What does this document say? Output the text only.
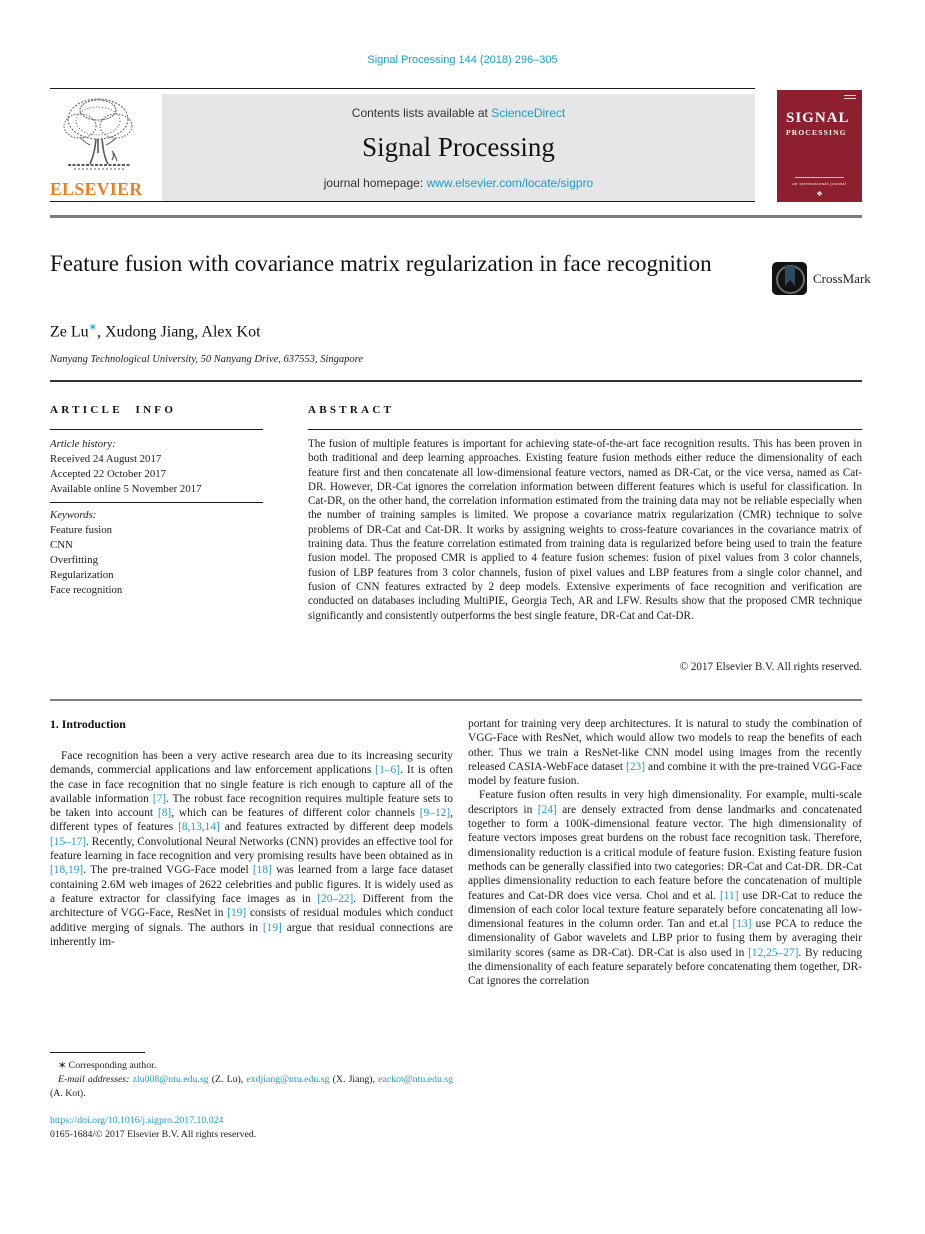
Signal Processing 144 (2018) 296–305
ELSEVIER
Contents lists available at ScienceDirect
Signal Processing
journal homepage: www.elsevier.com/locate/sigpro
SIGNAL
PROCESSING
an international journal
❖
Feature fusion with covariance matrix regularization in face recognition
CrossMark
Ze Lu∗, Xudong Jiang, Alex Kot
Nanyang Technological University, 50 Nanyang Drive, 637553, Singapore
ARTICLE INFO	ABSTRACT
Article history:
Received 24 August 2017
Accepted 22 October 2017
Available online 5 November 2017
Keywords:
Feature fusion
CNN
Overfitting
Regularization
Face recognition
The fusion of multiple features is important for achieving state-of-the-art face recognition results. This has been proven in both traditional and deep learning approaches. Existing feature fusion methods either reduce the dimensionality of each feature first and then concatenate all low-dimensional feature vectors, named as DR-Cat, or the vice versa, named as Cat-DR. However, DR-Cat ignores the correlation information between different features which is useful for classification. In Cat-DR, on the other hand, the correlation information estimated from the training data may not be reliable especially when the number of training samples is limited. We propose a covariance matrix regularization (CMR) technique to solve problems of DR-Cat and Cat-DR. It works by assigning weights to cross-feature covariances in the covariance matrix of training data. Thus the feature correlation estimated from training data is regularized before being used to train the feature fusion model. The proposed CMR is applied to 4 feature fusion schemes: fusion of pixel values from 3 color channels, fusion of LBP features from 3 color channels, fusion of pixel values and LBP features from a single color channel, and fusion of CNN features extracted by 2 deep models. Extensive experiments of face recognition and verification are conducted on databases including MultiPIE, Georgia Tech, AR and LFW. Results show that the proposed CMR technique significantly and consistently outperforms the best single feature, DR-Cat and Cat-DR.
© 2017 Elsevier B.V. All rights reserved.
1. Introduction

Face recognition has been a very active research area due to its increasing security demands, commercial applications and law enforcement applications [1–6]. It is often the case in face recognition that no single feature is rich enough to capture all of the available information [7]. The robust face recognition requires multiple feature sets to be taken into account [8], which can be features of different color channels [9–12], different types of features [8,13,14] and features extracted by different deep models [15–17]. Recently, Convolutional Neural Networks (CNN) provides an effective tool for feature learning in face recognition and very promising results have been obtained as in [18,19]. The pre-trained VGG-Face model [18] was learned from a large face dataset containing 2.6M web images of 2622 celebrities and public figures. It is widely used as a feature extractor for classifying face images as in [20–22]. Different from the architecture of VGG-Face, ResNet in [19] consists of residual modules which conduct additive merging of signals. The authors in [19] argue that residual connections are inherently im-

portant for training very deep architectures. It is natural to study the combination of VGG-Face with ResNet, which would allow two models to reap the benefits of each other. Thus we train a ResNet-like CNN model using images from the recently released CASIA-WebFace dataset [23] and combine it with the pre-trained VGG-Face model by feature fusion.

Feature fusion often results in very high dimensionality. For example, multi-scale descriptors in [24] are densely extracted from dense landmarks and concatenated together to form a 100K-dimensional feature vector. The high dimensionality of feature vectors imposes great burdens on the robust face recognition task. Therefore, dimensionality reduction is a critical module of feature fusion. Existing feature fusion methods can be generally classified into two categories: DR-Cat and Cat-DR. DR-Cat applies dimensionality reduction to each feature before the concatenation of multiple features and Cat-DR does vice versa. Choi and et al. [11] use DR-Cat to reduce the dimension of each color local texture feature separately before concatenating all low-dimensional features in the column order. Tan and et.al [13] use PCA to reduce the dimensionality of Gabor wavelets and LBP prior to fusing them by averaging their similarity scores (same as DR-Cat). DR-Cat is also used in [12,25–27]. By reducing the dimensionality of each feature separately before concatenating them together, DR-Cat ignores the correlation

∗ Corresponding author.
E-mail addresses: zlu008@ntu.edu.sg (Z. Lu), exdjiang@ntu.edu.sg (X. Jiang), eackot@ntu.edu.sg (A. Kot).
https://doi.org/10.1016/j.sigpro.2017.10.024
0165-1684/© 2017 Elsevier B.V. All rights reserved.
